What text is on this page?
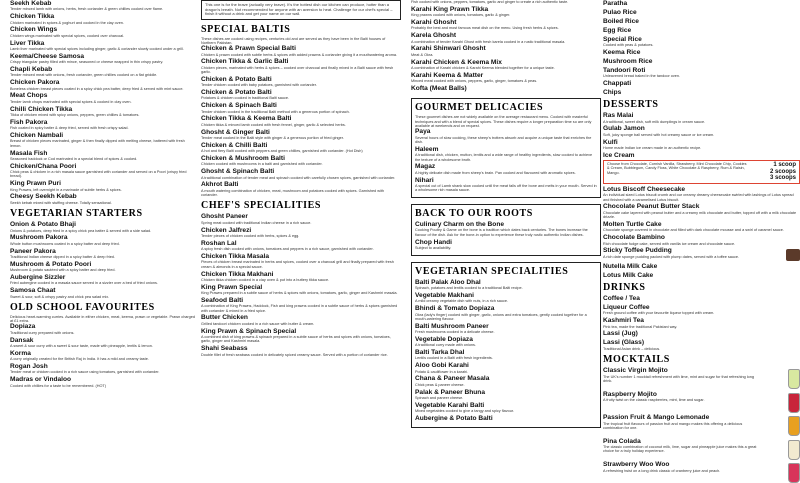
Seekh Kebab
Tender minced lamb with onions, herbs, fresh coriander & green chillies cooked over flame.
Chicken Tikka
Chicken marinated in spices & yoghurt and cooked in the clay oven.
Chicken Wings
Chicken wings marinated with special spices, cooked over charcoal.
Liver Tikka
Lamb liver marinated with special spices including ginger, garlic & coriander slowly cooked under a grill.
Keema/Cheese Samosa
Crispy triangular pastry filled with mince, seasoned or cheese wrapped in thin crispy pastry.
Chapli Kebab
Tender minced meat with onions, fresh coriander, green chillies cooked on a flat griddle.
Chicken Pakora
Boneless chicken breast pieces coated in a spicy chick pea batter, deep fried & served with mint sauce.
Meat Chops
Tender lamb chops marinated with special spices & cooked in clay oven.
Chilli Chicken Tikka
Tikka of chicken mixed with spicy onions, peppers, green chillies & tomatoes.
Fish Pakora
Fish coated in spicy batter & deep fried, served with fresh crispy salad.
Chicken Nambali
Breast of chicken pieces marinated, ginger & then finally dipped with melting cheese, battered with fresh lemon.
Masala Fish
Seasoned haddock or Cod marinated in a special blend of spices & cooked.
Chicken/Chana Poori
Chick peas & chicken in a rich masala sauce garnished with coriander and served on a Poori (crispy fried bread).
King Prawn Puri
King Prawns, left overnight in a marinade of subtle herbs & spices.
Cheesy Seekh Kebab
Seekh kebab mixed with stuffing cheese. Totally sensational.
VEGETARIAN STARTERS
Onion & Potato Bhaji
Onions & potatoes, deep fried in a spicy chick pea batter & served with a side salad.
Mushroom Pakora
Whole button mushrooms coated in a spicy batter and deep fried.
Paneer Pakora
Traditional Indian cheese dipped in a spicy batter & deep fried.
Mushroom & Potato Poori
Mushroom & potato sautéed with a spicy batter and deep fried.
Aubergine Sizzler
Fried aubergine cooked in a masala sauce served in a sizzler over a bed of fried onions.
Samosa Chaat
Sweet & sour, soft & crispy pastry and chick pea salad mix.
OLD SCHOOL FAVOURITES
Delicious heart-warming curries. Available in either chicken, meat, keema, prawn or vegetable. Prawn charged at £1 extra.
Dopiaza
Traditional curry prepared with onions.
Dansak
A sweet & sour curry with a sweet & sour taste, made with pineapple, lentils & lemon.
Korma
A curry originally created for the British Raj in India. It has a mild and creamy taste.
Rogan Josh
Tender meat or chicken cooked in a rich sauce using tomatoes, garnished with coriander.
Madras or Vindaloo
Cooked with chillies for a taste to be remembered. (HOT)
This one is for the brave (actually very brave). It's the hottest dish our kitchen can produce, hotter than a dragon's breath. Not recommended for anyone with an aversion to heat. Challenge for our chef's special – finish it without a drink and get your name on our wall.
SPECIAL BALTIS
These dishes are cooked using recipes, centuries old and are served as they have been in the Balti houses of Northern Pakistan.
Chicken & Prawn Special Balti
Chicken & prawn cooked with subtle herbs & spices with added prawns & coriander giving it a mouthwatering aroma.
Chicken Tikka & Garlic Balti
Chicken pieces, marinated with herbs & spices – cooked over charcoal and finally mixed in a Balti sauce with fresh garlic.
Chicken & Potato Balti
Tender chicken cooked with baby potatoes, garnished with coriander.
Chicken & Potato Balti
Potatoes & chicken cooked in traditional Balti sauce.
Chicken & Spinach Balti
Tender chicken cooked in the traditional Balti method with a generous portion of spinach.
Chicken Tikka & Keema Balti
Chicken tikka & minced lamb cooked with fresh fennel, ginger, garlic & selected herbs.
Ghosht & Ginger Balti
Tender meat cooked in the Balti style with ginger & a generous portion of fried ginger.
Chicken & Chilli Balti
A hot and fiery Balti cooked with peppers and green chillies, garnished with coriander. (Hot Dish)
Chicken & Mushroom Balti
Chicken cooked with mushrooms in a balti and garnished with coriander.
Ghosht & Spinach Balti
A traditional combination of tender meat and spinach cooked with carefully chosen spices, garnished with coriander.
Akhrot Balti
A mouth watering combination of chicken, meat, mushroom and potatoes cooked with spices. Garnished with coriander.
CHEF'S SPECIALITIES
Ghosht Paneer
Spring meat cooked with traditional Indian cheese in a rich sauce.
Chicken Jalfrezi
Tender pieces of chicken cooked with herbs, spices & egg.
Roshan Lal
A spicy fresh dish cooked with onions, tomatoes and peppers in a rich sauce, garnished with coriander.
Chicken Tikka Masala
Pieces of chicken breast marinated in herbs and spices, cooked over a charcoal grill and finally prepared with fresh cream & almonds in a special sauce.
Chicken Tikka Makhani
Chicken tikka chicken cooked in a clay oven & put into a buttery tikka sauce.
King Prawn Special
King Prawns prepared in a subtle sauce of herbs & spices with onions, tomatoes, garlic, ginger and Kashmiri masala.
Seafood Balti
A combination of King Prawns, Haddock, Fish and king prawns cooked in a subtle sauce of herbs & spices garnished with coriander & mixed in a fried spice.
Butter Chicken
Grilled tandoori chicken cooked in a rich sauce with butter & cream.
King Prawn & Spinach Special
A combined dish of king prawns & spinach prepared in a subtle sauce of herbs and spices with onions, tomatoes, garlic, ginger and Kashmiri masala.
Shahi Seabass
Double fillet of fresh seabass cooked in delicately spiced creamy sauce. Served with a portion of coriander rice.
Fish cooked with onions, peppers, tomatoes, garlic and ginger to create a rich authentic taste.
Karahi King Prawn Tikka
King prawns cooked with onions, tomatoes, garlic & ginger.
Karahi Ghosht
Probably the best and most famous meat dish on the menu. Using fresh herbs & spices.
Karela Ghosht
A combination of tender Karahi Ghost with fresh karela cooked in a rustic traditional masala.
Karahi Shinwari Ghosht
Meat & Okra.
Karahi Chicken & Keema Mix
A combination of Karahi chicken & Karahi Keema blended together for a unique taste.
Karahi Keema & Matter
Minced meat cooked with onions, peppers, garlic, ginger, tomatoes & peas.
Kofta (Meat Balls)
GOURMET DELICACIES
These gourmet dishes are not widely available on the average restaurant menu. Cooked with masterful techniques and with a blend of special spices. These dishes require a longer preparation time so are only available at weekends and on request.
Paya
Several hours of slow cooking, these sheep's trotters absorb and acquire a unique taste that enriches the dish.
Haleem
A traditional dish, chicken, mutton, lentils and a wide range of healthy ingredients, slow cooked to achieve the texture of a wholesome broth.
Magaz
A highly delicate dish made from sheep's brain. Pan cooked and flavoured with aromatic spices.
Nihari
A special cut of Lamb shank slow cooked until the meat falls off the bone and melts in your mouth. Served in a wholesome rich masala sauce.
BACK TO OUR ROOTS
Culinary Charm on the Bone
Cooking Poultry & Game on the bone is a tradition which dates back centuries. The bones increase the flavour of the dish. Ask for the bone-in option to experience these truly rustic authentic Indian dishes.
Chop Handi
Subject to availability.
VEGETARIAN SPECIALITIES
Balti Palak Aloo Dhal
Spinach, potatoes and lentils cooked to a traditional Balti recipe.
Vegetable Makhani
A mild creamy vegetable dish with nuts, in a rich sauce.
Bhindi & Tomato Dopiaza
Okra (lady's finger) cooked with ginger, garlic, onions and extra tomatoes, gently cooked together for a mouth-watering flavour.
Balti Mushroom Paneer
Fresh mushrooms cooked in a delicate cheese.
Vegetable Dopiaza
A traditional curry made with onions.
Balti Tarka Dhal
Lentils cooked in a Balti with fresh ingredients.
Aloo Gobi Karahi
Potato & cauliflower in a karahi.
Chana & Paneer Masala
Chick peas & paneer cheese.
Palak & Paneer Bhuna
Spinach and paneer cheese.
Vegetable Karahi Balti
Mixed vegetables cooked to give a tangy and spicy flavour.
Aubergine & Potato Balti
Paratha
Pulao Rice
Boiled Rice
Egg Rice
Special Rice
Cooked with peas & potatoes.
Keema Rice
Mushroom Rice
Tandoori Roti
Unleavened bread baked in the tandoor oven.
Chappati
Chips
DESSERTS
Ras Malai
A traditional, sweet dish, soft milk dumplings in cream sauce.
Gulab Jamon
Soft, juicy sponge ball served with hot creamy sauce or ice cream.
Kulfi
Home made Indian ice cream made in an authentic recipe.
Ice Cream
Choose from Chocolate, Cornish Vanilla, Strawberry, Mint Chocolate Chip, Cookies & Cream, Bubblegum, Candy Floss, White Chocolate & Raspberry, Rum & Raisin, Mango.
1 scoop
2 scoops
3 scoops
Lotus Biscoff Cheesecake
An individual sized Lotus biscuit crumb and our creamy dreamy cheesecake swirled with lashings of Lotus spread and finished with a caramelised Lotus biscuit.
Chocolate Peanut Butter Stack
Chocolate cake layered with peanut butter and a creamy milk chocolate and butter, topped off with a milk chocolate drizzle.
Molten Turtle Cake
Chocolate sponge covered in chocolate and filled with dark chocolate mousse and a swirl of caramel sauce.
Chocolate Bambino
Rich chocolate fudge cake, served with vanilla ice cream and chocolate sauce.
Sticky Toffee Pudding
A rich date sponge pudding packed with plump dates, served with a toffee sauce.
Nutella Milk Cake
Lotus Milk Cake
DRINKS
Coffee / Tea
Liqueur Coffee
Fresh ground coffee with your favourite liqueur topped with cream.
Kashmiri Tea
Pink tea, made the traditional Pakistani way.
Lassi (Jug)
Lassi (Glass)
Traditional Asian drink – delicious.
MOCKTAILS
Classic Virgin Mojito
The UK's number 1 mocktail refreshment with lime, mint and sugar for that refreshing long drink.
Raspberry Mojito
A fruity twist on the classic raspberries, mint, lime and sugar.
Passion Fruit & Mango Lemonade
The tropical fruit flavours of passion fruit and mango makes this offering a delicious combination for one.
Pina Colada
The classic combination of coconut milk, lime, sugar and pineapple juice makes this a great choice for a truly holiday experience.
Strawberry Woo Woo
A refreshing twist on a long drink classic of cranberry juice and peach.
